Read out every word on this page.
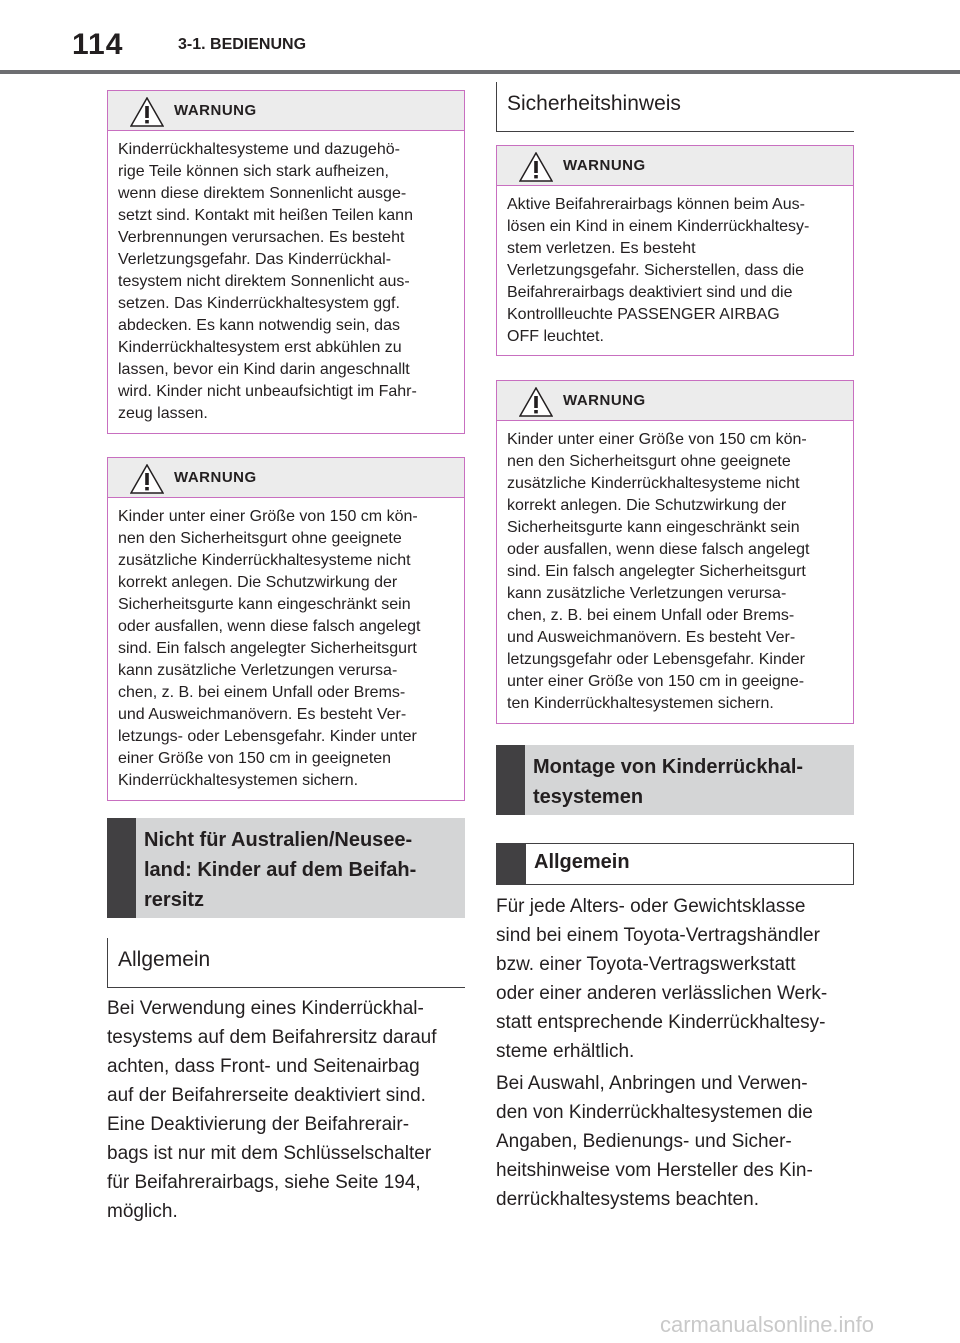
114	3-1. BEDIENUNG
WARNUNG
Kinderrückhaltesysteme und dazugehö-
rige Teile können sich stark aufheizen,
wenn diese direktem Sonnenlicht ausge-
setzt sind. Kontakt mit heißen Teilen kann
Verbrennungen verursachen. Es besteht
Verletzungsgefahr. Das Kinderrückhal-
tesystem nicht direktem Sonnenlicht aus-
setzen. Das Kinderrückhaltesystem ggf.
abdecken. Es kann notwendig sein, das
Kinderrückhaltesystem erst abkühlen zu
lassen, bevor ein Kind darin angeschnallt
wird. Kinder nicht unbeaufsichtigt im Fahr-
zeug lassen.
WARNUNG
Kinder unter einer Größe von 150 cm kön-
nen den Sicherheitsgurt ohne geeignete
zusätzliche Kinderrückhaltesysteme nicht
korrekt anlegen. Die Schutzwirkung der
Sicherheitsgurte kann eingeschränkt sein
oder ausfallen, wenn diese falsch angelegt
sind. Ein falsch angelegter Sicherheitsgurt
kann zusätzliche Verletzungen verursa-
chen, z. B. bei einem Unfall oder Brems-
und Ausweichmanövern. Es besteht Ver-
letzungs- oder Lebensgefahr. Kinder unter
einer Größe von 150 cm in geeigneten
Kinderrückhaltesystemen sichern.
Nicht für Australien/Neusee-
land: Kinder auf dem Beifah-
rersitz
Allgemein
Bei Verwendung eines Kinderrückhal-
tesystems auf dem Beifahrersitz darauf
achten, dass Front- und Seitenairbag
auf der Beifahrerseite deaktiviert sind.
Eine Deaktivierung der Beifahrerair-
bags ist nur mit dem Schlüsselschalter
für Beifahrerairbags, siehe Seite 194,
möglich.
Sicherheitshinweis
WARNUNG
Aktive Beifahrerairbags können beim Aus-
lösen ein Kind in einem Kinderrückhaltesy-
stem verletzen. Es besteht
Verletzungsgefahr. Sicherstellen, dass die
Beifahrerairbags deaktiviert sind und die
Kontrollleuchte PASSENGER AIRBAG
OFF leuchtet.
WARNUNG
Kinder unter einer Größe von 150 cm kön-
nen den Sicherheitsgurt ohne geeignete
zusätzliche Kinderrückhaltesysteme nicht
korrekt anlegen. Die Schutzwirkung der
Sicherheitsgurte kann eingeschränkt sein
oder ausfallen, wenn diese falsch angelegt
sind. Ein falsch angelegter Sicherheitsgurt
kann zusätzliche Verletzungen verursa-
chen, z. B. bei einem Unfall oder Brems-
und Ausweichmanövern. Es besteht Ver-
letzungsgefahr oder Lebensgefahr. Kinder
unter einer Größe von 150 cm in geeigne-
ten Kinderrückhaltesystemen sichern.
Montage von Kinderrückhal-
tesystemen
Allgemein
Für jede Alters- oder Gewichtsklasse
sind bei einem Toyota-Vertragshändler
bzw. einer Toyota-Vertragswerkstatt
oder einer anderen verlässlichen Werk-
statt entsprechende Kinderrückhaltesy-
steme erhältlich.
Bei Auswahl, Anbringen und Verwen-
den von Kinderrückhaltesystemen die
Angaben, Bedienungs- und Sicher-
heitshinweise vom Hersteller des Kin-
derrückhaltesystems beachten.
carmanualsonline.info
